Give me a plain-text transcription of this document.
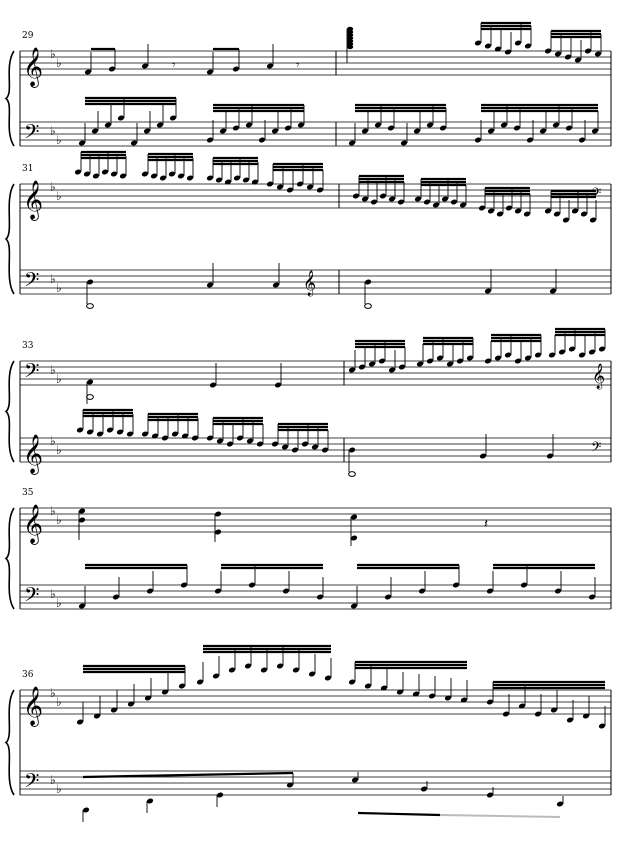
29
𝄞
𝄢
♭
♭
♭
♭
𝄾	𝄾
31
𝄞
𝄢
♭
♭
♭
♭
𝄢
𝄞
33
𝄢
𝄞
♭
♭
♭
♭
𝄞
𝄢
35
𝄞
𝄢
♭
♭
♭
♭
𝄽
36
𝄞
𝄢
♭
♭
♭
♭
